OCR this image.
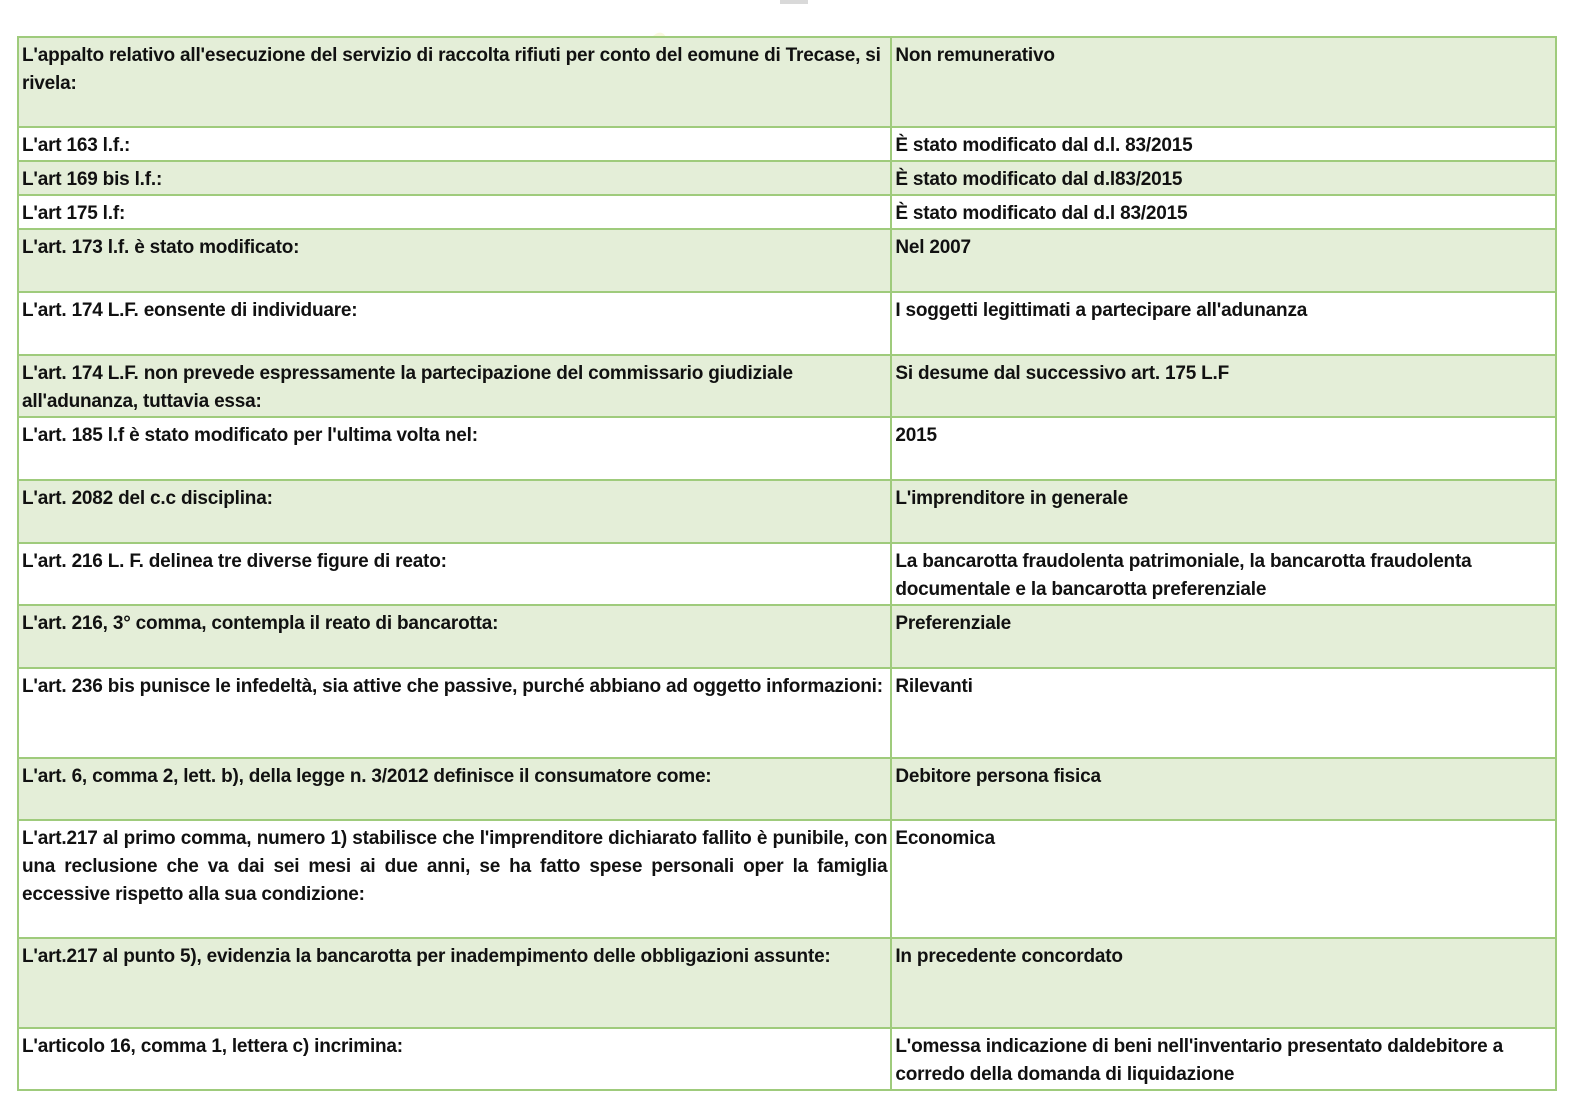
L'appalto relativo all'esecuzione del servizio di raccolta rifiuti per conto del eomune di Trecase, si rivela:	Non remunerativo
L'art 163 l.f.:	È stato modificato dal d.l. 83/2015
L'art 169 bis l.f.:	È stato modificato dal d.l83/2015
L'art 175 l.f:	È stato modificato dal d.l 83/2015
L'art. 173 l.f. è stato modificato:	Nel 2007
L'art. 174 L.F. eonsente di individuare:	I soggetti legittimati a partecipare all'adunanza
L'art. 174 L.F. non prevede espressamente la partecipazione del commissario giudiziale all'adunanza, tuttavia essa:	Si desume dal successivo art. 175 L.F
L'art. 185 l.f è stato modificato per l'ultima volta nel:	2015
L'art. 2082 del c.c disciplina:	L'imprenditore in generale
L'art. 216 L. F. delinea tre diverse figure di reato:	La bancarotta fraudolenta patrimoniale, la bancarotta fraudolenta documentale e la bancarotta preferenziale
L'art. 216, 3° comma, contempla il reato di bancarotta:	Preferenziale
L'art. 236 bis punisce le infedeltà, sia attive che passive, purché abbiano ad oggetto informazioni:	Rilevanti
L'art. 6, comma 2, lett. b), della legge n. 3/2012 definisce il consumatore come:	Debitore persona fisica
L'art.217 al primo comma, numero 1) stabilisce che l'imprenditore dichiarato fallito è punibile, con una reclusione che va dai sei mesi ai due anni, se ha fatto spese personali oper la famiglia eccessive rispetto alla sua condizione:	Economica
L'art.217 al punto 5), evidenzia la bancarotta per inadempimento delle obbligazioni assunte:	In precedente concordato
L'articolo 16, comma 1, lettera c) incrimina:	L'omessa indicazione di beni nell'inventario presentato daldebitore a corredo della domanda di liquidazione
